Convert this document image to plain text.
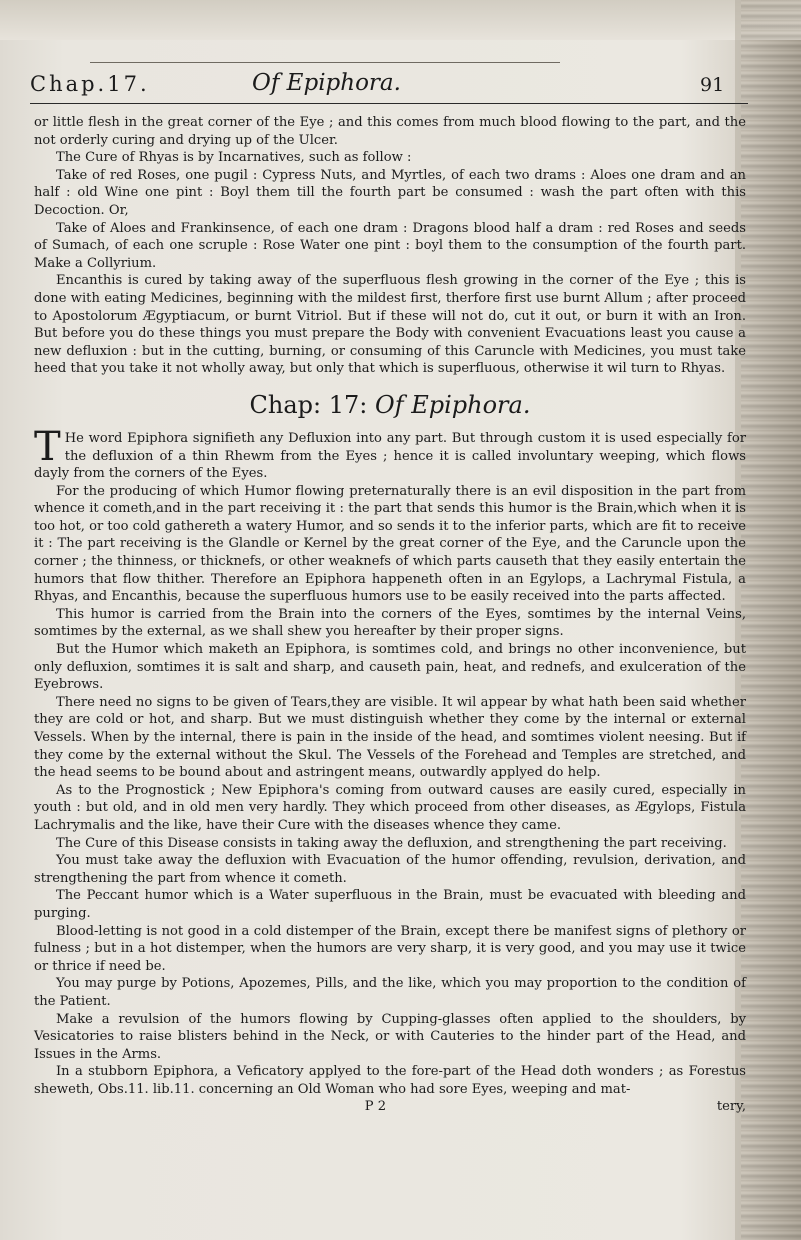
Chap.17.	Of Epiphora.	91

or little flesh in the great corner of the Eye ; and this comes from much blood flowing to the part, and the not orderly curing and drying up of the Ulcer.

The Cure of Rhyas is by Incarnatives, such as follow :

Take of red Roses, one pugil : Cypress Nuts, and Myrtles, of each two drams : Aloes one dram and an half : old Wine one pint : Boyl them till the fourth part be consumed : wash the part often with this Decoction. Or,

Take of Aloes and Frankinsence, of each one dram : Dragons blood half a dram : red Roses and seeds of Sumach, of each one scruple : Rose Water one pint : boyl them to the consumption of the fourth part. Make a Collyrium.

Encanthis is cured by taking away of the superfluous flesh growing in the corner of the Eye ; this is done with eating Medicines, beginning with the mildest first, therfore first use burnt Allum ; after proceed to Apostolorum Ægyptiacum, or burnt Vitriol. But if these will not do, cut it out, or burn it with an Iron. But before you do these things you must prepare the Body with convenient Evacuations least you cause a new defluxion : but in the cutting, burning, or consuming of this Caruncle with Medicines, you must take heed that you take it not wholly away, but only that which is superfluous, otherwise it wil turn to Rhyas.

Chap: 17: Of Epiphora.

T He word Epiphora signifieth any Defluxion into any part. But through custom it is used especially for the defluxion of a thin Rhewm from the Eyes ; hence it is called involuntary weeping, which flows dayly from the corners of the Eyes.

For the producing of which Humor flowing preternaturally there is an evil disposition in the part from whence it cometh,and in the part receiving it : the part that sends this humor is the Brain,which when it is too hot, or too cold gathereth a watery Humor, and so sends it to the inferior parts, which are fit to receive it : The part receiving is the Glandle or Kernel by the great corner of the Eye, and the Caruncle upon the corner ; the thinness, or thicknefs, or other weaknefs of which parts causeth that they easily entertain the humors that flow thither. Therefore an Epiphora happeneth often in an Egylops, a Lachrymal Fistula, a Rhyas, and Encanthis, because the superfluous humors use to be easily received into the parts affected.

This humor is carried from the Brain into the corners of the Eyes, somtimes by the internal Veins, somtimes by the external, as we shall shew you hereafter by their proper signs.

But the Humor which maketh an Epiphora, is somtimes cold, and brings no other inconvenience, but only defluxion, somtimes it is salt and sharp, and causeth pain, heat, and rednefs, and exulceration of the Eyebrows.

There need no signs to be given of Tears,they are visible. It wil appear by what hath been said whether they are cold or hot, and sharp. But we must distinguish whether they come by the internal or external Vessels. When by the internal, there is pain in the inside of the head, and somtimes violent neesing. But if they come by the external without the Skul. The Vessels of the Forehead and Temples are stretched, and the head seems to be bound about and astringent means, outwardly applyed do help.

As to the Prognostick ; New Epiphora's coming from outward causes are easily cured, especially in youth : but old, and in old men very hardly. They which proceed from other diseases, as Ægylops, Fistula Lachrymalis and the like, have their Cure with the diseases whence they came.

The Cure of this Disease consists in taking away the defluxion, and strengthening the part receiving.

You must take away the defluxion with Evacuation of the humor offending, revulsion, derivation, and strengthening the part from whence it cometh.

The Peccant humor which is a Water superfluous in the Brain, must be evacuated with bleeding and purging.

Blood-letting is not good in a cold distemper of the Brain, except there be manifest signs of plethory or fulness ; but in a hot distemper, when the humors are very sharp, it is very good, and you may use it twice or thrice if need be.

You may purge by Potions, Apozemes, Pills, and the like, which you may proportion to the condition of the Patient.

Make a revulsion of the humors flowing by Cupping-glasses often applied to the shoulders, by Vesicatories to raise blisters behind in the Neck, or with Cauteries to the hinder part of the Head, and Issues in the Arms.

In a stubborn Epiphora, a Veficatory applyed to the fore-part of the Head doth wonders ; as Forestus sheweth, Obs.11. lib.11. concerning an Old Woman who had sore Eyes, weeping and mat-

P 2	tery,
